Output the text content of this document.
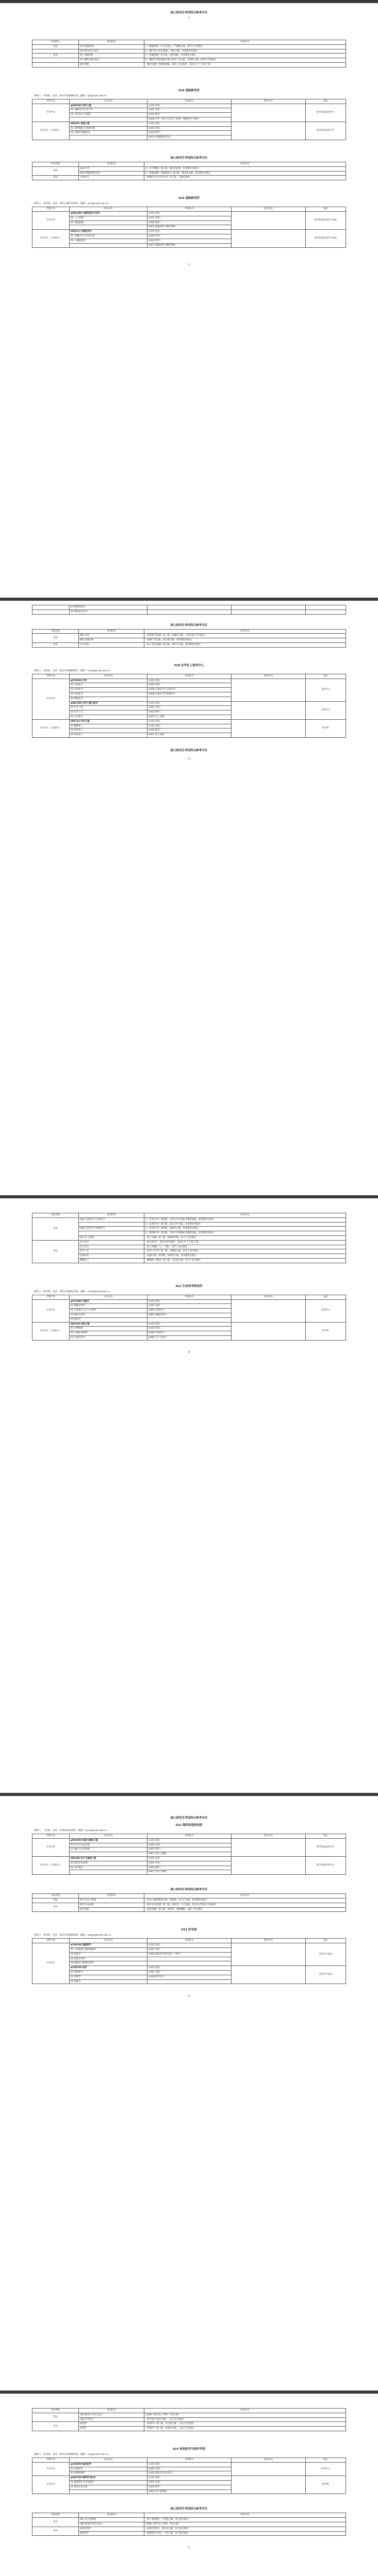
硕士研究生考试科目参考书目
17
考试科目	考试科目	参考书目
笔试	871 数据结构	1.《数据结构（C 语言版）》，严蔚敏主编，清华大学出版社
	873 数字电子技术	2.《数字电子技术基础》，阎石主编，高等教育出版社
复试	01. 机械原理	1.《机械原理》第七版，孙桓等编，高等教育出版社
	02. 微机原理与接口	2.《微型计算机原理与接口技术》第五版，冯博琴主编，清华大学出版社
	激光原理	《激光原理》周炳琨等编，国防工业出版社，2014 年 7 月第 7 版
018 基础研究所
联系人：乔瑞丽，电话：0512-62088114，邮箱：qrl@suda.edu.cn
学科专业	专业方向	考试科目	参考书目	备注
学术学位	◆080300 光学工程	①101 政治		跨学科或同等学力
	01. 微纳光学与光子学	②201 英语一		
	02. 光电显示与照明	③301 数学一		
		④830 光学（其中几何光学 30%，物理光学 70%）		
专业学位（工程硕士）	085201 机械工程	①101 政治		跨学科或同等学力
	01. 微纳制造与智能检测	②204 英语二		
	02. 智能传感器技术	③302 数学二		
		④833 机械原理及设计		
硕士研究生考试科目参考书目
考试类型	考试科目	参考书目
笔试	830 光学	1.《光学教程》第五版，姚启钧原著，高等教育出版社
	833 机械原理及设计	2.《机械原理》《机械设计》第九版，濮良贵主编，高等教育出版社
复试	光学综合	《物理光学与应用光学》第三版，石顺祥等编
019 基础研究所
联系人：刘老师，电话：0512-86770010，邮箱：yjsb@suda.edu.cn
学科专业	专业方向	考试科目	参考书目	备注
学术学位	◆081200 计算机科学与技术	①101 政治		跨学科或同等学力加试
	01. 人工智能	②201 英语一		
	02. 数据挖掘	③301 数学一		
		④872 数据结构与操作系统		
专业学位（工程硕士）	085211 计算机技术	①101 政治		跨学科或同等学力加试
	01. 机器学习与认知计算	②204 英语二		
	02. 大数据技术	③302 数学二		
		④872 数据结构与操作系统		
17
	03 物联网技术			
	04 网络信息安全			
硕士研究生考试科目参考书目
考试类型	考试科目	参考书目
笔试	881 材料	《材料科学基础》第三版，胡赓祥主编，上海交通大学出版社
	862 电路分析	《电路》第五版，邱关源主编，高等教育出版社
复试	电子技术	《电子技术基础》第六版，康华光主编，高等教育出版社
020 化学化工研究中心
联系人：刘老师，电话：0512-65880361，邮箱：hxyjs@suda.edu.cn
学科专业	专业方向	考试科目	参考书目	备注
学术学位	◆070300 化学	①101 政治		同等学力
	01 无机化学	②201 英语一		
	02 分析化学	③626 无机化学与分析化学		
	03 有机化学	④836 有机化学与物理化学		
	04 物理化学			
	◆081700 化学工程与技术	①101 政治		同等学力
	01 化学工程	②201 英语一		
	02 化学工艺	③302 数学二		
	03 应用化学	④837 化工原理		
专业学位（工程硕士）	085216 化学工程	①101 政治		跨学科
	01 精细化工	②204 英语二		
	02 材料化工	③302 数学二		
	03 环境化工	④837 化工原理		
硕士研究生考试科目参考书目
18
考试类型	考试科目	参考书目
笔试	626 无机化学与分析化学	1.《无机化学》第四版，天津大学无机化学教研室编，高等教育出版社
		2.《分析化学》第六版，武汉大学主编，高等教育出版社
	836 有机化学与物理化学	1.《有机化学》第四版，高鸿宾主编，高等教育出版社
		2.《物理化学》第五版，天津大学物理化学教研室编，高等教育出版社
	837 化工原理	《化工原理》第三版，陈敏恒等编，化学工业出版社
复试	综合化学	《综合化学》，苏州大学出版社，2015 年 7 月第 1 版
	化工综合	《化工原理》（上、下册），化学工业出版社
	化学工艺	《化学工艺学》第二版，米镇涛主编，化学工业出版社
	仪器分析	《仪器分析》第四版，朱明华主编，高等教育出版社
	精细化工	《精细化工概论》第三版，宋启煌主编，化学工业出版社
021 生命科学研究所
联系人：杨老师，电话：0512-65882015，邮箱：smkx@suda.edu.cn
学科专业	专业方向	考试科目	参考书目	备注
学术学位	◆071000 生物学	①101 政治		同等学力
	01 细胞生物学	②201 英语一		
	02 生物化学与分子生物学	③630 生物化学		
	03 神经生物学	④845 细胞生物学		
	04 遗传学			
专业学位（工程硕士）	085238 生物工程	①101 政治		跨学科
	01 生物制药	②204 英语二		
	02 生物医用材料	③338 生物化学		
	03 生物信息学	④846 分子生物学		
19
硕士研究生考试科目参考书目
022 海洋信息研究院
联系人：王老师，电话：15951022290，邮箱：hyxx@suda.edu.cn
学科专业	专业方向	考试科目	参考书目	备注
学术学位	◆081000 信息与通信工程	①101 政治		跨学科或同等学力
	01 信号与信息处理	②201 英语一		
	02 通信与信息系统	③301 数学一		
		④877 信号与系统		
专业学位（工程硕士）	085208 电子与通信工程	①101 政治		跨学科或同等学力
	01 海洋信息处理	②204 英语二		
	02 水声通信	③302 数学二		
		④877 信号与系统		
硕士研究生考试科目参考书目
考试类型	考试科目	参考书目
笔试	877 信号与系统	《信号与线性系统分析》第四版，吴大正主编，高等教育出版社
复试	数字信号处理	《数字信号处理》第三版，高西全、丁玉美编，西安电子科技大学出版社
	通信原理	《通信原理》第七版，樊昌信、曹丽娜编，国防工业出版社
023 医学部
联系人：郭老师，电话：0512-65880052，邮箱：yxbyjs@suda.edu.cn
学科专业	专业方向	考试科目	参考书目	备注
学术学位	◆100100 基础医学	①101 政治		同等学力加试
	01 人体解剖与组织胚胎学	②201 英语一		
	02 免疫学	③306 临床医学综合能力（西医）		
	03 病原生物学			
	04 病理学与病理生理学			
	◆100700 药学	①101 政治		同等学力加试
	01 药物化学	②201 英语一		
	02 药剂学	③349 药学综合		
	03 药理学			
20
考试类型	考试科目	参考书目
笔试	306 临床医学综合能力	全国硕士研究生入学统一考试大纲
	349 药学综合	《药学综合考试大纲》，人民卫生出版社
复试	病理学	《病理学》第八版，李玉林主编，人民卫生出版社
	药理学	《药理学》第八版，朱依谆主编，人民卫生出版社
024 放射医学与防护学院
联系人：周老师，电话：0512-65880063，邮箱：rmp@suda.edu.cn
学科专业	专业方向	考试科目	参考书目	备注
学术学位	◆100200 临床医学	①101 政治		同等学力
	01 放射医学	②201 英语一		
	02 放射肿瘤学	③306 临床医学综合能力		
专业学位	◆082700 核科学与技术	①101 政治		跨学科
	01 辐射防护及环境保护	②201 英语一		
	02 核技术及应用	③301 数学一		
		④851 原子核物理		
硕士研究生考试科目参考书目
考试类型	考试科目	参考书目
笔试	851 原子核物理	《原子核物理》，卢希庭主编，原子能出版社
	306 临床医学综合能力	全国硕士研究生入学统一考试大纲
复试	放射生物学	《放射生物学》，龚守良主编，原子能出版社
	辐射防护	《辐射防护导论》，方杰主编，原子能出版社
21
